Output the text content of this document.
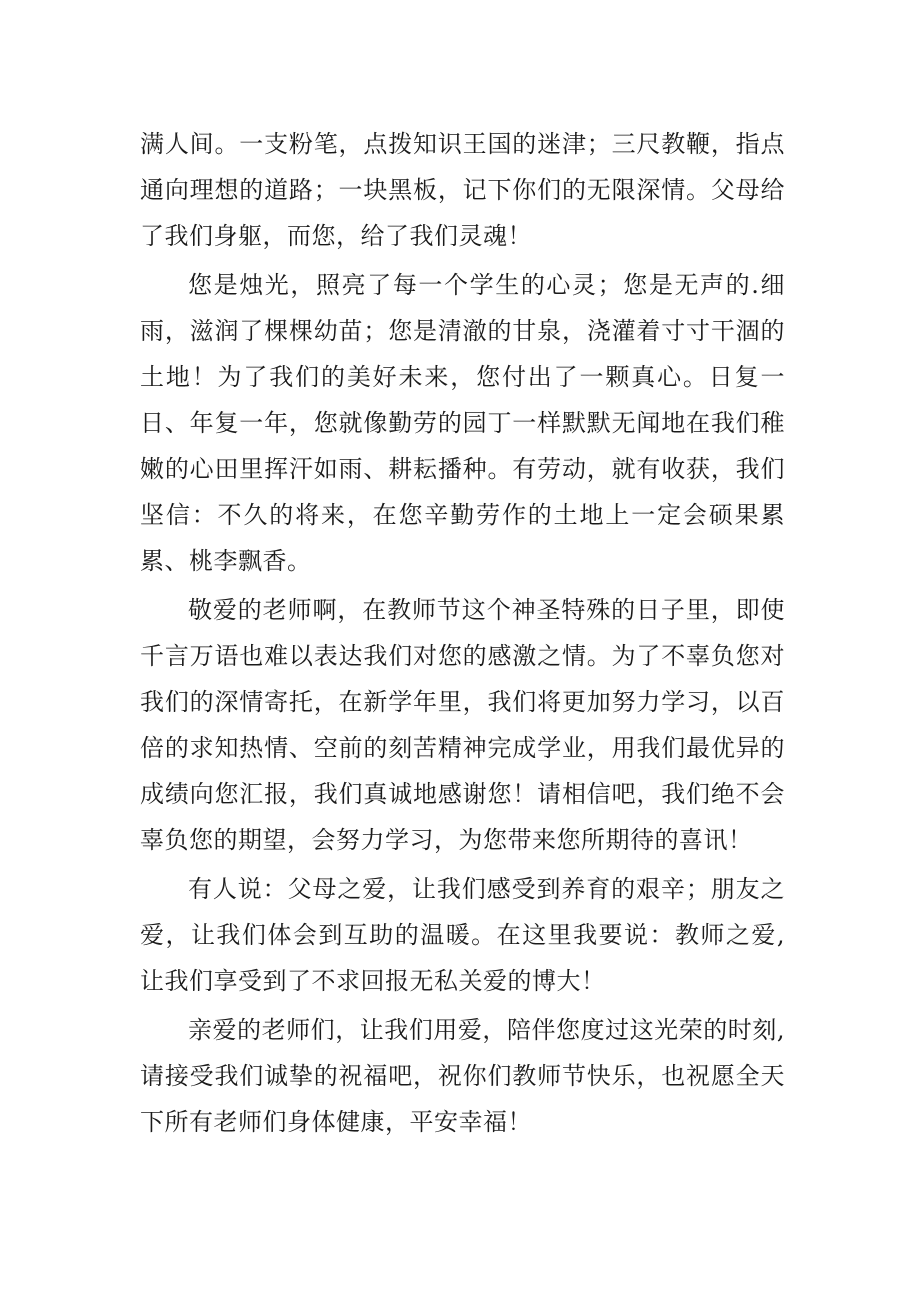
满人间。一支粉笔，点拨知识王国的迷津；三尺教鞭，指点通向理想的道路；一块黑板，记下你们的无限深情。父母给了我们身躯，而您，给了我们灵魂！

您是烛光，照亮了每一个学生的心灵；您是无声的.细雨，滋润了棵棵幼苗；您是清澈的甘泉，浇灌着寸寸干涸的土地！为了我们的美好未来，您付出了一颗真心。日复一日、年复一年，您就像勤劳的园丁一样默默无闻地在我们稚嫩的心田里挥汗如雨、耕耘播种。有劳动，就有收获，我们坚信：不久的将来，在您辛勤劳作的土地上一定会硕果累累、桃李飘香。

敬爱的老师啊，在教师节这个神圣特殊的日子里，即使千言万语也难以表达我们对您的感激之情。为了不辜负您对我们的深情寄托，在新学年里，我们将更加努力学习，以百倍的求知热情、空前的刻苦精神完成学业，用我们最优异的成绩向您汇报，我们真诚地感谢您！请相信吧，我们绝不会辜负您的期望，会努力学习，为您带来您所期待的喜讯！

有人说：父母之爱，让我们感受到养育的艰辛；朋友之爱，让我们体会到互助的温暖。在这里我要说：教师之爱,让我们享受到了不求回报无私关爱的博大！

亲爱的老师们，让我们用爱，陪伴您度过这光荣的时刻,请接受我们诚挚的祝福吧，祝你们教师节快乐，也祝愿全天下所有老师们身体健康，平安幸福！
